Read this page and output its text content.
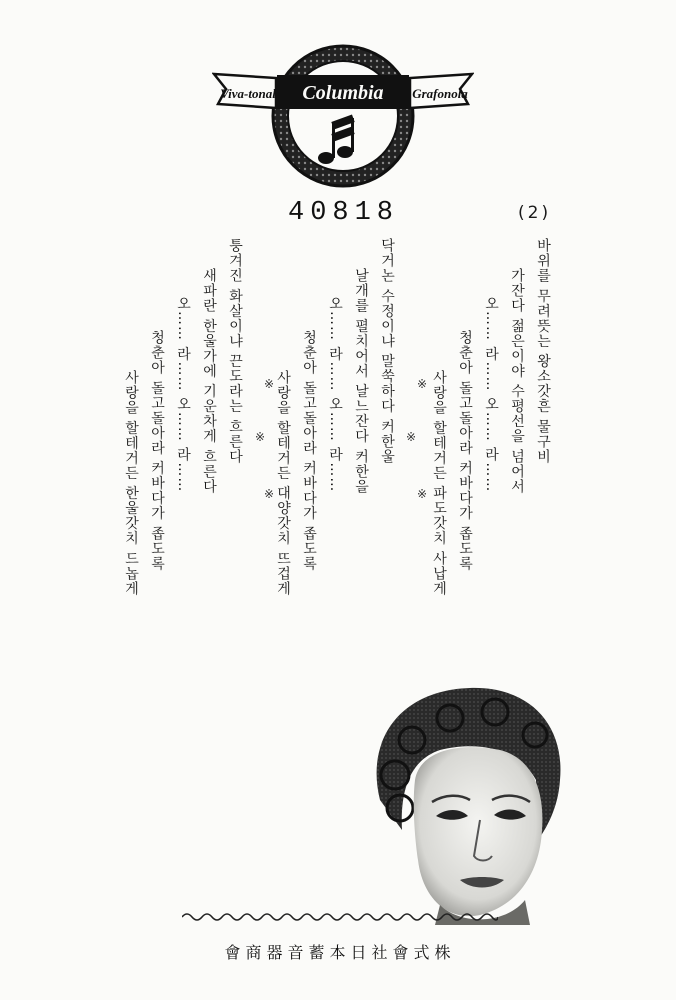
Viva-tonal Columbia Grafonola
40818	(2)
바위를 무려뜻는 왕소갓흔 물구비
가잔다 젊은이야 수평선을 넘어서
오…… 라…… 오…… 라……
청춘아 돌고돌아라 커바다가 좁도록
사랑을 할테거든 파도갓치 사납게
※
※
※
닥거논 수정이냐 말쑥하다 커한울
날개를 펼치어서 날느잔다 커한을
오…… 라…… 오…… 라……
청춘아 돌고돌아라 커바다가 좁도록
사랑을 할테거든 대양갓치 뜨겁게
※
※
※
퉁겨진 화살이냐 끈도라는 흐른다
새파란 한울가에 기운차게 흐른다
오…… 라…… 오…… 라……
청춘아 돌고돌아라 커바다가 좁도록
사랑을 할테거든 한울갓치 드놉게
會商器音蓄本日社會式株
